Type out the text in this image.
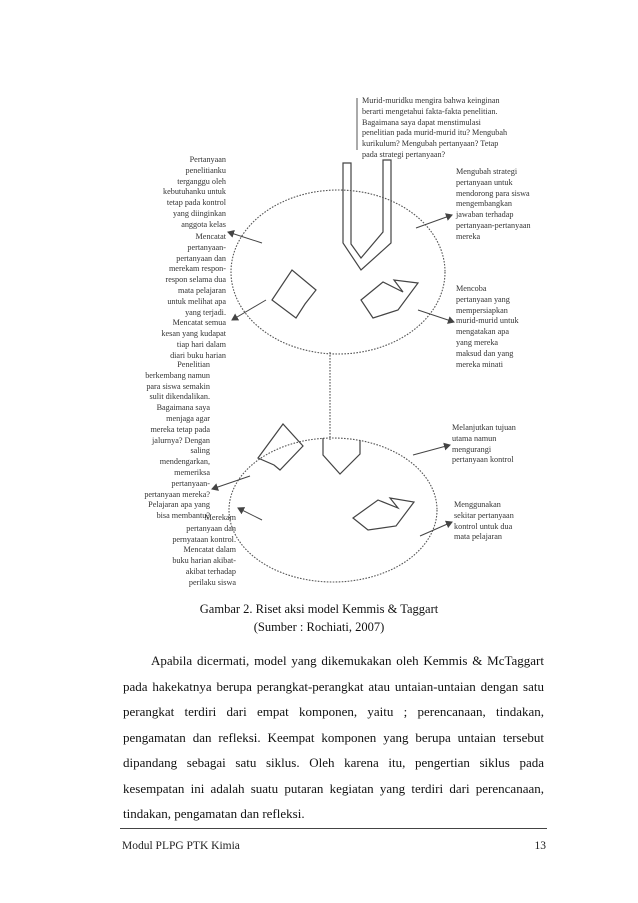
Murid-muridku mengira bahwa keinginan
berarti mengetahui fakta-fakta penelitian.
Bagaimana saya dapat menstimulasi
penelitian pada murid-murid itu? Mengubah
kurikulum? Mengubah pertanyaan? Tetap
pada strategi pertanyaan?
Pertanyaan
penelitianku
terganggu oleh
kebutuhanku untuk
tetap pada kontrol
yang diinginkan
anggota kelas
Mencatat
pertanyaan-
pertanyaan dan
merekam respon-
respon selama dua
mata pelajaran
untuk melihat apa
yang terjadi.
Mencatat semua
kesan yang kudapat
tiap hari dalam
diari buku harian
Penelitian
berkembang namun
para siswa semakin
sulit dikendalikan.
Bagaimana saya
menjaga agar
mereka tetap pada
jalurnya? Dengan
saling
mendengarkan,
memeriksa
pertanyaan-
pertanyaan mereka?
Pelajaran apa yang
bisa membantu?
Merekam
pertanyaan dan
pernyataan kontrol.
Mencatat dalam
buku harian akibat-
akibat terhadap
perilaku siswa
Mengubah strategi
pertanyaan untuk
mendorong para siswa
mengembangkan
jawaban terhadap
pertanyaan-pertanyaan
mereka
Mencoba
pertanyaan yang
mempersiapkan
murid-murid untuk
mengatakan apa
yang mereka
maksud dan yang
mereka minati
Melanjutkan tujuan
utama namun
mengurangi
pertanyaan kontrol
Menggunakan
sekitar pertanyaan
kontrol untuk dua
mata pelajaran
Gambar 2. Riset aksi model Kemmis & Taggart
(Sumber : Rochiati, 2007)
Apabila dicermati, model yang dikemukakan oleh Kemmis & McTaggart pada hakekatnya berupa perangkat-perangkat atau untaian-untaian dengan satu perangkat terdiri dari empat komponen, yaitu ; perencanaan, tindakan, pengamatan dan refleksi. Keempat komponen yang berupa untaian tersebut dipandang sebagai satu siklus. Oleh karena itu, pengertian siklus pada kesempatan ini adalah suatu putaran kegiatan yang terdiri dari perencanaan, tindakan, pengamatan dan refleksi.
Modul PLPG PTK Kimia	13
